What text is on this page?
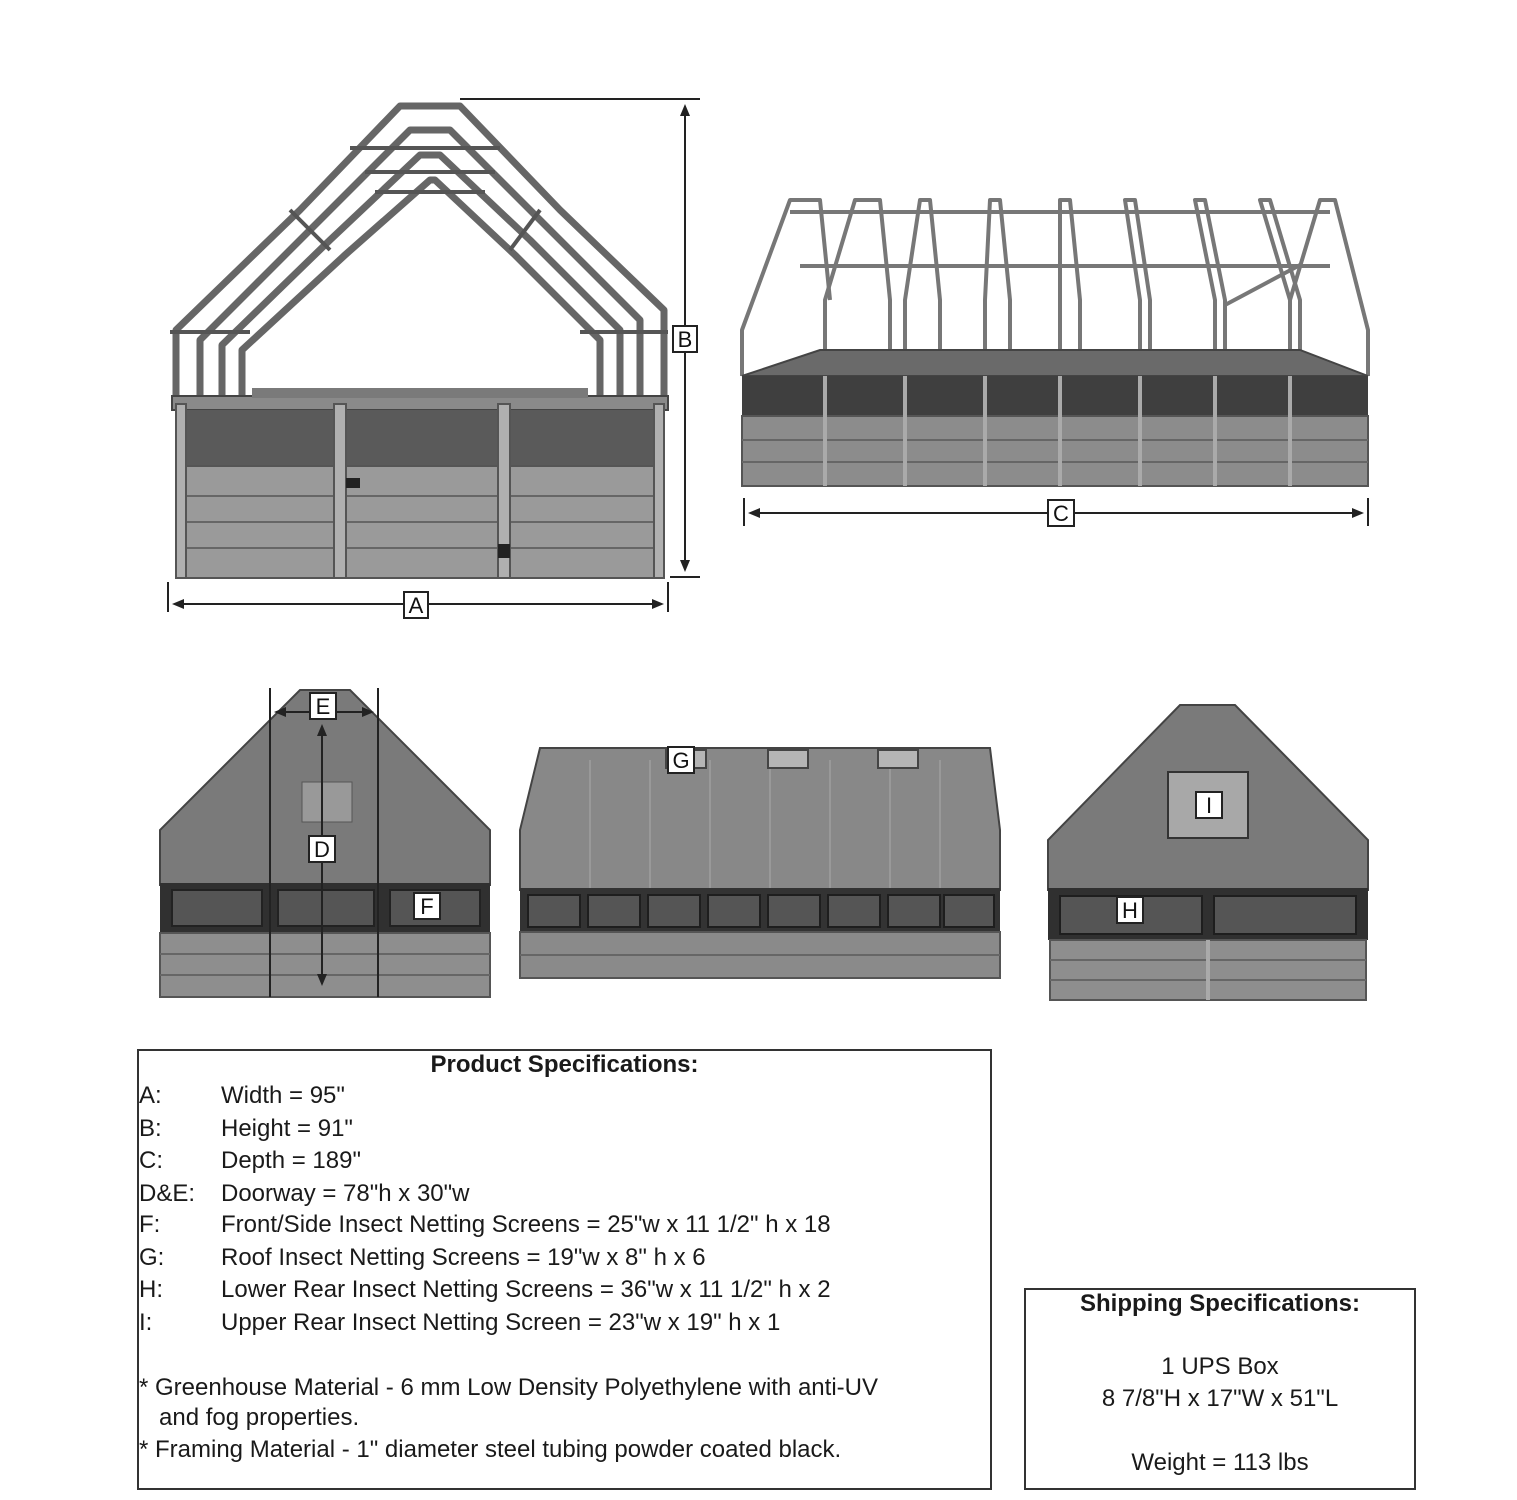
B
A
C
E
D
F
G
I
H
Product Specifications:
A: Width = 95"
B: Height = 91"
C: Depth = 189"
D&E: Doorway = 78"h x 30"w
F:	Front/Side Insect Netting Screens = 25"w x 11 1/2" h x 18
G: Roof Insect Netting Screens = 19"w x 8" h x 6
H: Lower Rear Insect Netting Screens = 36"w x 11 1/2" h x 2
I:	Upper Rear Insect Netting Screen = 23"w x 19" h x 1
* Greenhouse Material - 6 mm Low Density Polyethylene with anti-UV
and fog properties.
* Framing Material - 1" diameter steel tubing powder coated black.
Shipping Specifications:
1 UPS Box
8 7/8"H x 17"W x 51"L
Weight = 113 lbs
